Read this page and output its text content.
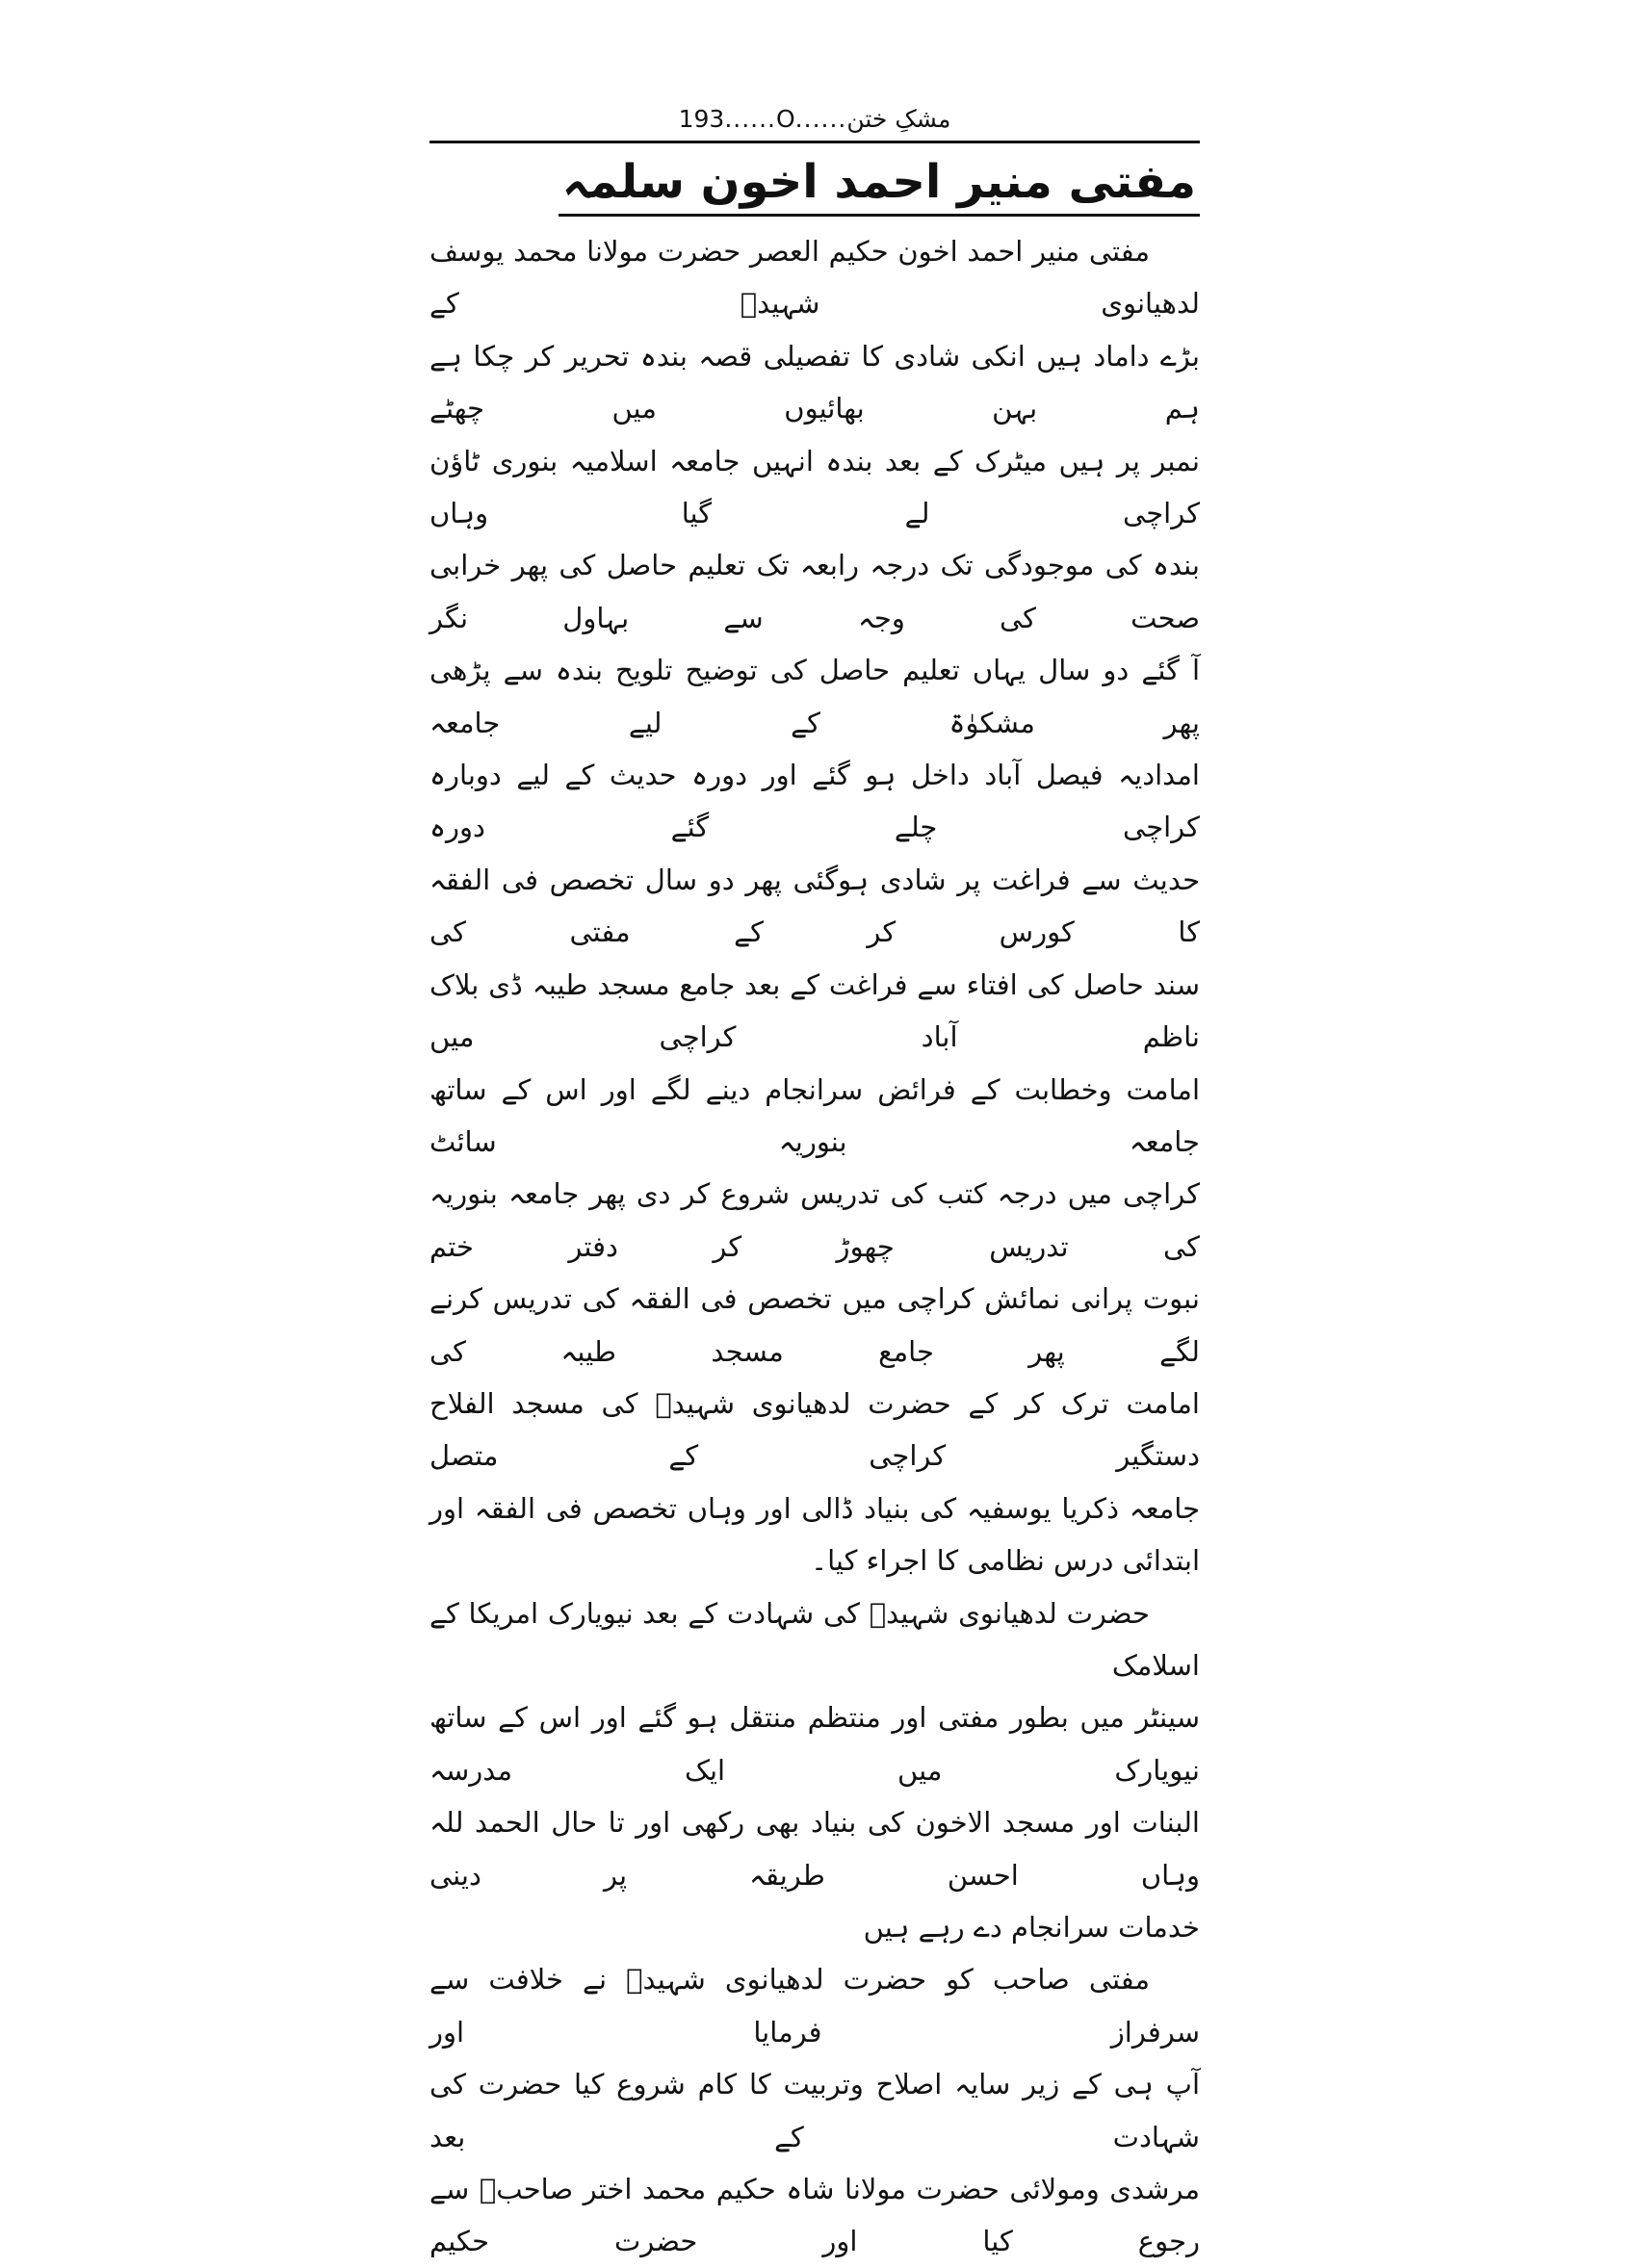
مشکِ ختن
......O......
193
مفتی منیر احمد اخون سلمہ

مفتی منیر احمد اخون حکیم العصر حضرت مولانا محمد یوسف لدھیانوی شہیدؒ کے

بڑے داماد ہیں انکی شادی کا تفصیلی قصہ بندہ تحریر کر چکا ہے ہم بہن بھائیوں میں چھٹے

نمبر پر ہیں میٹرک کے بعد بندہ انہیں جامعہ اسلامیہ بنوری ٹاؤن کراچی لے گیا وہاں

بندہ کی موجودگی تک درجہ رابعہ تک تعلیم حاصل کی پھر خرابی صحت کی وجہ سے بہاول نگر

آ گئے دو سال یہاں تعلیم حاصل کی توضیح تلویح بندہ سے پڑھی پھر مشکوٰۃ کے لیے جامعہ

امدادیہ فیصل آباد داخل ہو گئے اور دورہ حدیث کے لیے دوبارہ کراچی چلے گئے دورہ

حدیث سے فراغت پر شادی ہوگئی پھر دو سال تخصص فی الفقہ کا کورس کر کے مفتی کی

سند حاصل کی افتاء سے فراغت کے بعد جامع مسجد طیبہ ڈی بلاک ناظم آباد کراچی میں

امامت وخطابت کے فرائض سرانجام دینے لگے اور اس کے ساتھ جامعہ بنوریہ سائٹ

کراچی میں درجہ کتب کی تدریس شروع کر دی پھر جامعہ بنوریہ کی تدریس چھوڑ کر دفتر ختم

نبوت پرانی نمائش کراچی میں تخصص فی الفقہ کی تدریس کرنے لگے پھر جامع مسجد طیبہ کی

امامت ترک کر کے حضرت لدھیانوی شہیدؒ کی مسجد الفلاح دستگیر کراچی کے متصل

جامعہ ذکریا یوسفیہ کی بنیاد ڈالی اور وہاں تخصص فی الفقہ اور ابتدائی درس نظامی کا اجراء کیا۔

حضرت لدھیانوی شہیدؒ کی شہادت کے بعد نیویارک امریکا کے اسلامک

سینٹر میں بطور مفتی اور منتظم منتقل ہو گئے اور اس کے ساتھ نیویارک میں ایک مدرسہ

البنات اور مسجد الاخون کی بنیاد بھی رکھی اور تا حال الحمد للہ وہاں احسن طریقہ پر دینی

خدمات سرانجام دے رہے ہیں

مفتی صاحب کو حضرت لدھیانوی شہیدؒ نے خلافت سے سرفراز فرمایا اور

آپ ہی کے زیر سایہ اصلاح وتربیت کا کام شروع کیا حضرت کی شہادت کے بعد

مرشدی ومولائی حضرت مولانا شاہ حکیم محمد اختر صاحبؒ سے رجوع کیا اور حضرت حکیم
